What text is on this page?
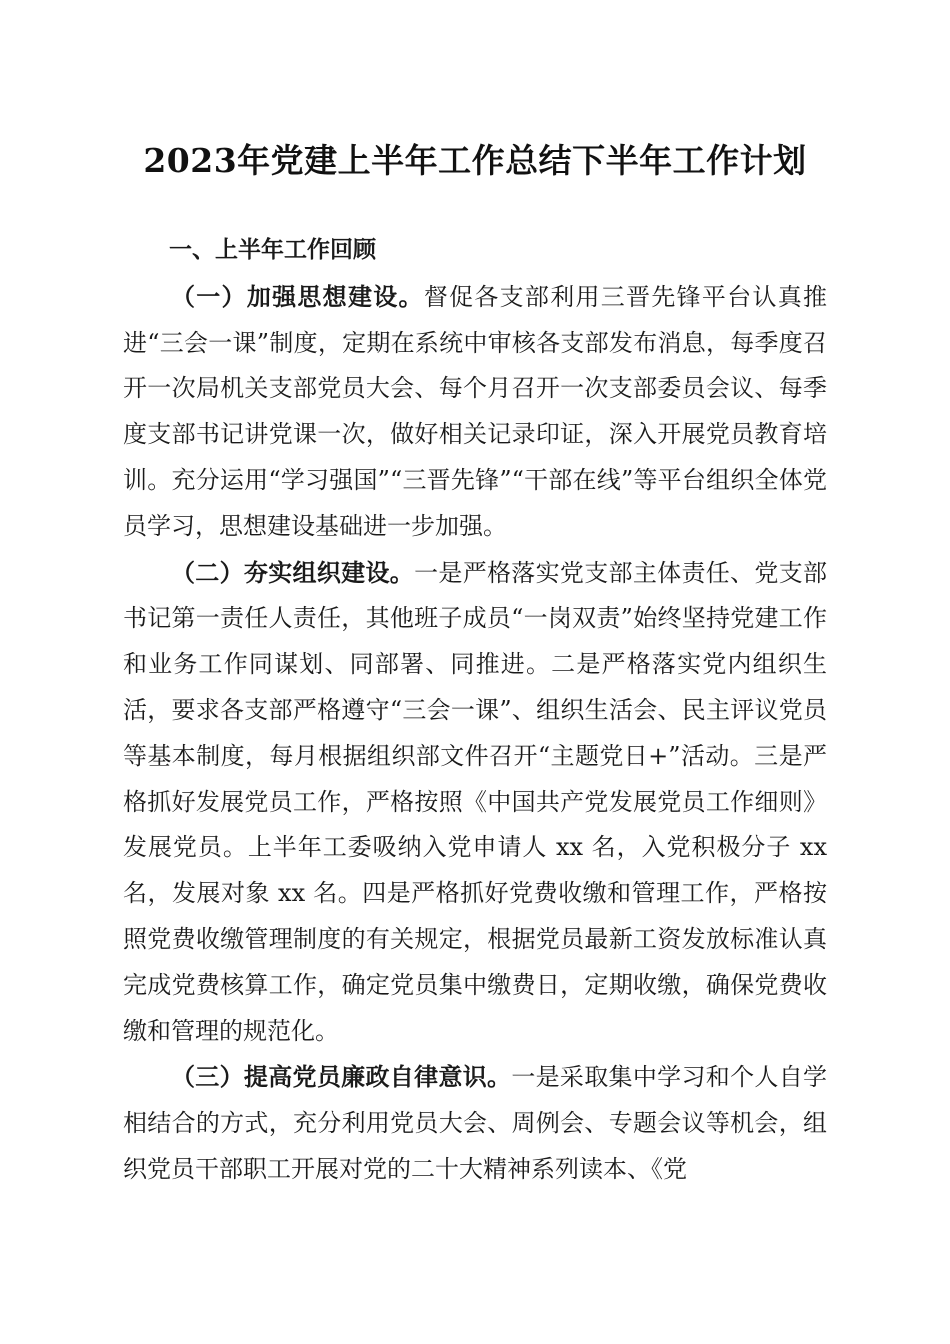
2023年党建上半年工作总结下半年工作计划

一、上半年工作回顾

（一）加强思想建设。督促各支部利用三晋先锋平台认真推进“三会一课”制度，定期在系统中审核各支部发布消息，每季度召开一次局机关支部党员大会、每个月召开一次支部委员会议、每季度支部书记讲党课一次，做好相关记录印证，深入开展党员教育培训。充分运用“学习强国”“三晋先锋”“干部在线”等平台组织全体党员学习，思想建设基础进一步加强。

（二）夯实组织建设。一是严格落实党支部主体责任、党支部书记第一责任人责任，其他班子成员“一岗双责”始终坚持党建工作和业务工作同谋划、同部署、同推进。二是严格落实党内组织生活，要求各支部严格遵守“三会一课”、组织生活会、民主评议党员等基本制度，每月根据组织部文件召开“主题党日+”活动。三是严格抓好发展党员工作，严格按照《中国共产党发展党员工作细则》发展党员。上半年工委吸纳入党申请人 xx 名，入党积极分子 xx 名，发展对象 xx 名。四是严格抓好党费收缴和管理工作，严格按照党费收缴管理制度的有关规定，根据党员最新工资发放标准认真完成党费核算工作，确定党员集中缴费日，定期收缴，确保党费收缴和管理的规范化。

（三）提高党员廉政自律意识。一是采取集中学习和个人自学相结合的方式，充分利用党员大会、周例会、专题会议等机会，组织党员干部职工开展对党的二十大精神系列读本、《党
